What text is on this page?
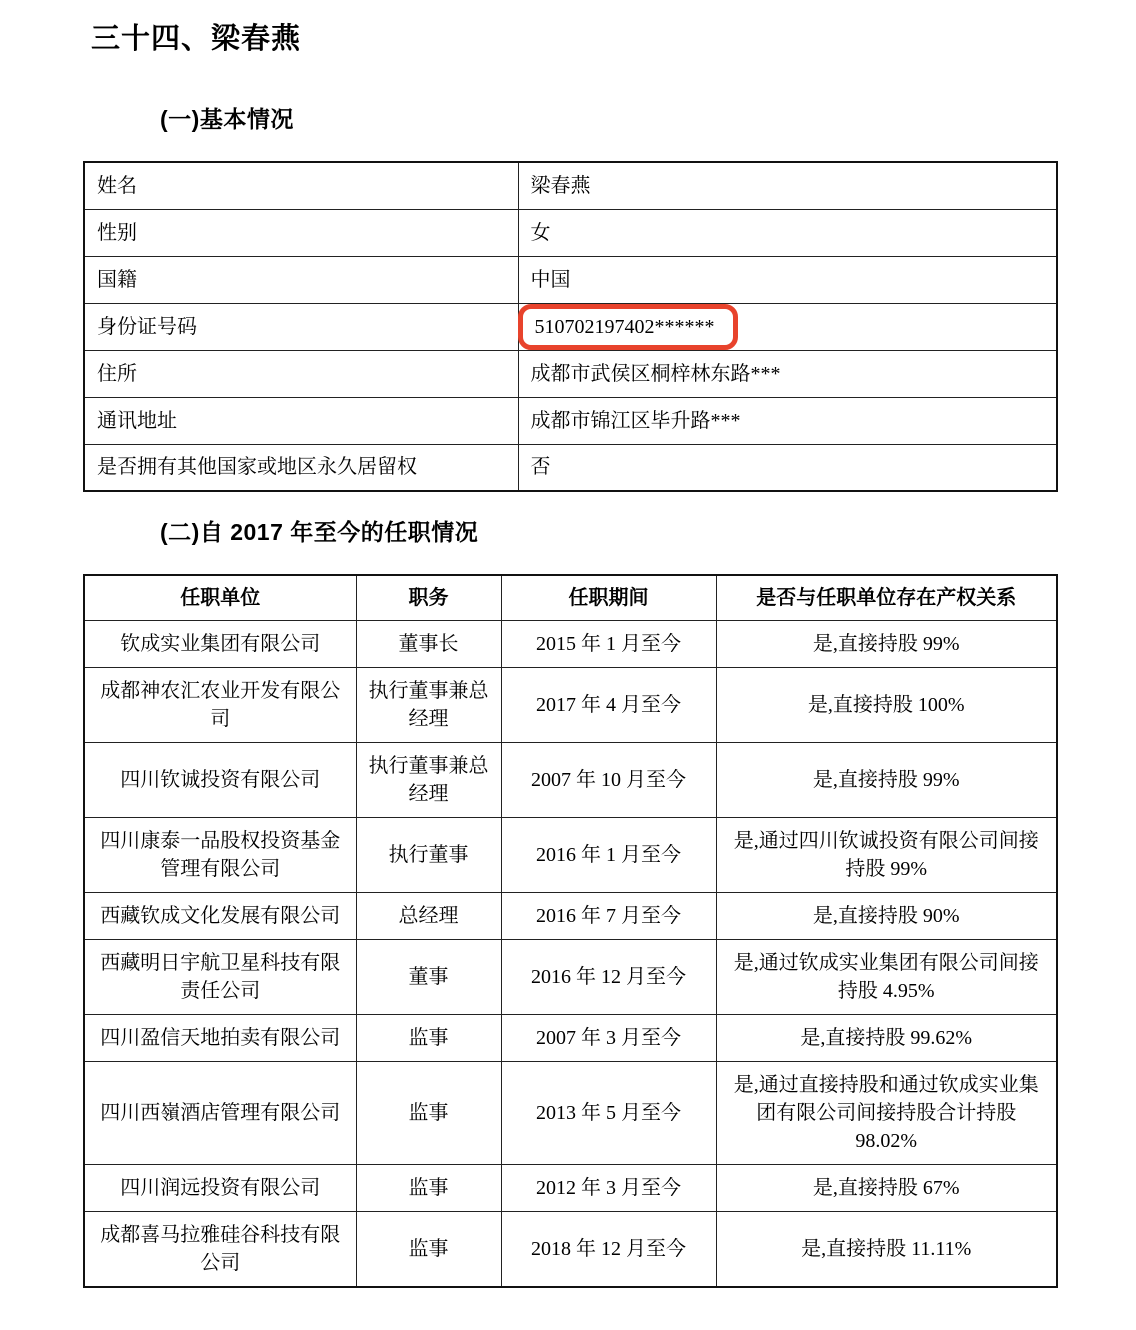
三十四、梁春燕
(一)基本情况
姓名	梁春燕
性别	女
国籍	中国
身份证号码	510702197402******
住所	成都市武侯区桐梓林东路***
通讯地址	成都市锦江区毕升路***
是否拥有其他国家或地区永久居留权	否
(二)自 2017 年至今的任职情况
任职单位	职务	任职期间	是否与任职单位存在产权关系
钦成实业集团有限公司	董事长	2015 年 1 月至今	是,直接持股 99%
成都神农汇农业开发有限公司	执行董事兼总经理	2017 年 4 月至今	是,直接持股 100%
四川钦诚投资有限公司	执行董事兼总经理	2007 年 10 月至今	是,直接持股 99%
四川康泰一品股权投资基金管理有限公司	执行董事	2016 年 1 月至今	是,通过四川钦诚投资有限公司间接持股 99%
西藏钦成文化发展有限公司	总经理	2016 年 7 月至今	是,直接持股 90%
西藏明日宇航卫星科技有限责任公司	董事	2016 年 12 月至今	是,通过钦成实业集团有限公司间接持股 4.95%
四川盈信天地拍卖有限公司	监事	2007 年 3 月至今	是,直接持股 99.62%
四川西嶺酒店管理有限公司	监事	2013 年 5 月至今	是,通过直接持股和通过钦成实业集团有限公司间接持股合计持股 98.02%
四川润远投资有限公司	监事	2012 年 3 月至今	是,直接持股 67%
成都喜马拉雅硅谷科技有限公司	监事	2018 年 12 月至今	是,直接持股 11.11%
